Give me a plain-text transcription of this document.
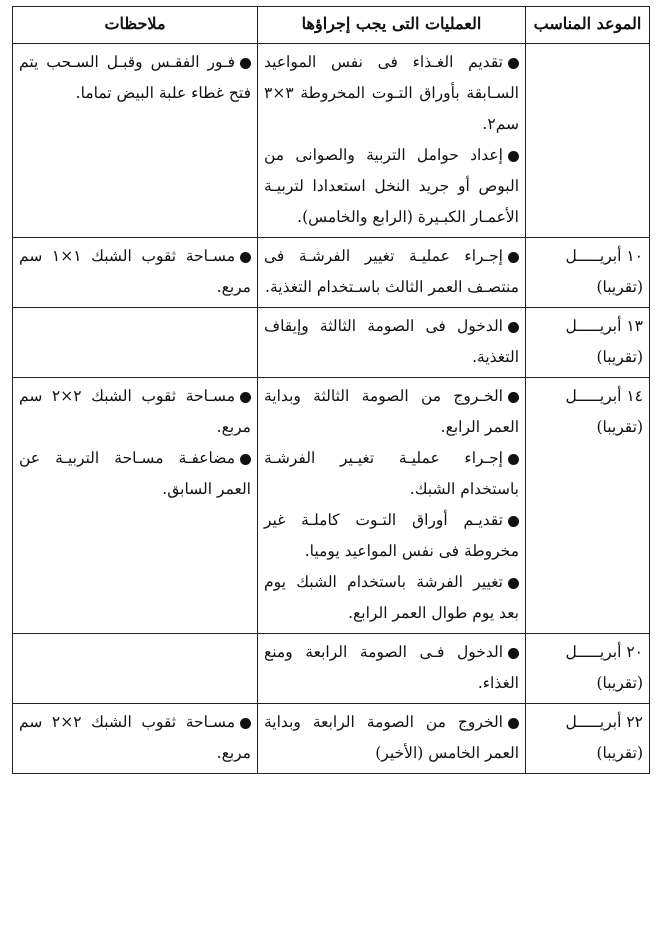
الموعد المناسب	العمليات التى يجب إجراؤها	ملاحظات

	تقديم الغـذاء فى نفس المواعيد السـابقة بأوراق التـوت المخروطة ٣×٣ سم٢.
إعداد حوامل التربية والصوانى من البوص أو جريد النخل استعدادا لتربيـة الأعمـار الكبـيرة (الرابع والخامس).	فـور الفقـس وقبـل السـحب يتم فتح غطاء علبة البيض تماما.

١٠ أبريـــــل
(تقريبا)	إجـراء عمليـة تغيير الفرشـة فى منتصـف العمر الثالث باسـتخدام التغذية.	مسـاحة ثقوب الشبك ١×١ سم مربع.

١٣ أبريـــــل
(تقريبا)	الدخول فى الصومة الثالثة وإيقاف التغذية.	

١٤ أبريـــــل
(تقريبا)	الخـروج من الصومة الثالثة وبداية العمر الرابع.
إجـراء عمليـة تغيـير الفرشـة باستخدام الشبك.
تقديـم أوراق التـوت كاملـة غير مخروطة فى نفس المواعيد يوميا.
تغيير الفرشة باستخدام الشبك يوم بعد يوم طوال العمر الرابع.	مسـاحة ثقوب الشبك ٢×٢ سم مربع.
مضاعفـة مسـاحة التربيـة عن العمر السابق.

٢٠ أبريـــــل
(تقريبا)	الدخول فـى الصومة الرابعة ومنع الغذاء.	

٢٢ أبريـــــل
(تقريبا)	الخروج من الصومة الرابعة وبداية العمر الخامس (الأخير)	مسـاحة ثقوب الشبك ٢×٢ سم مربع.
